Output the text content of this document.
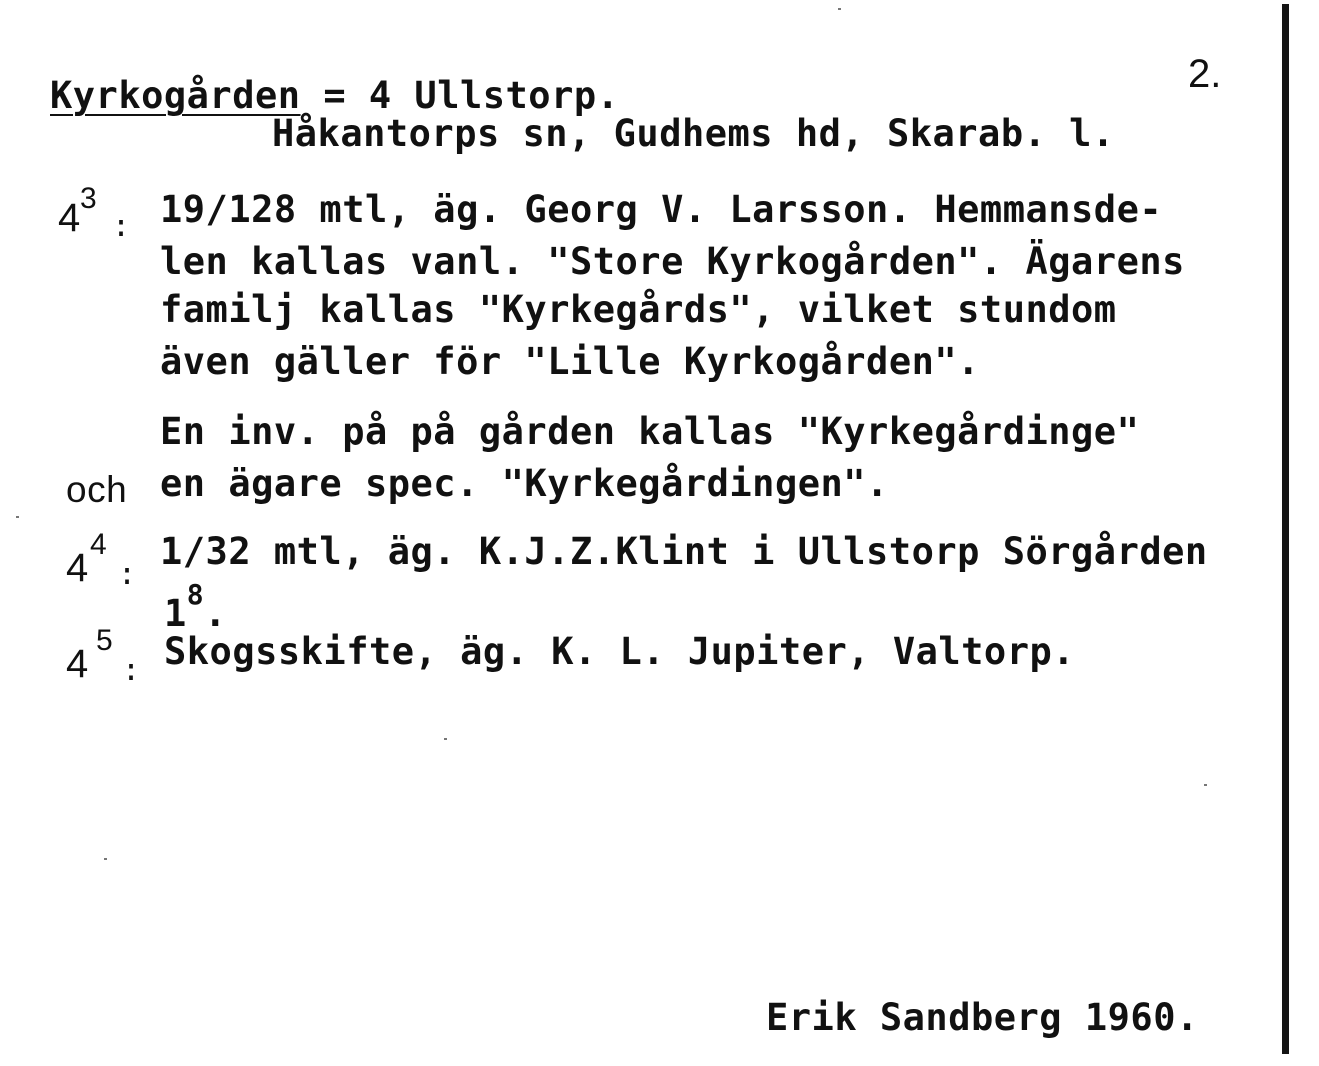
Kyrkogården = 4 Ullstorp.	2.
Håkantorps sn, Gudhems hd, Skarab. l.
4 3
: 19/128 mtl, äg. Georg V. Larsson. Hemmansde-
len kallas vanl. "Store Kyrkogården". Ägarens
familj kallas "Kyrkegårds", vilket stundom
även gäller för "Lille Kyrkogården".
En inv. på på gården kallas "Kyrkegårdinge"
och en ägare spec. "Kyrkegårdingen".
4
4
:
1/32 mtl, äg. K.J.Z.Klint i Ullstorp Sörgården
$1^8$.
4
5
: Skogsskifte, äg. K. L. Jupiter, Valtorp.
Erik Sandberg 1960.
